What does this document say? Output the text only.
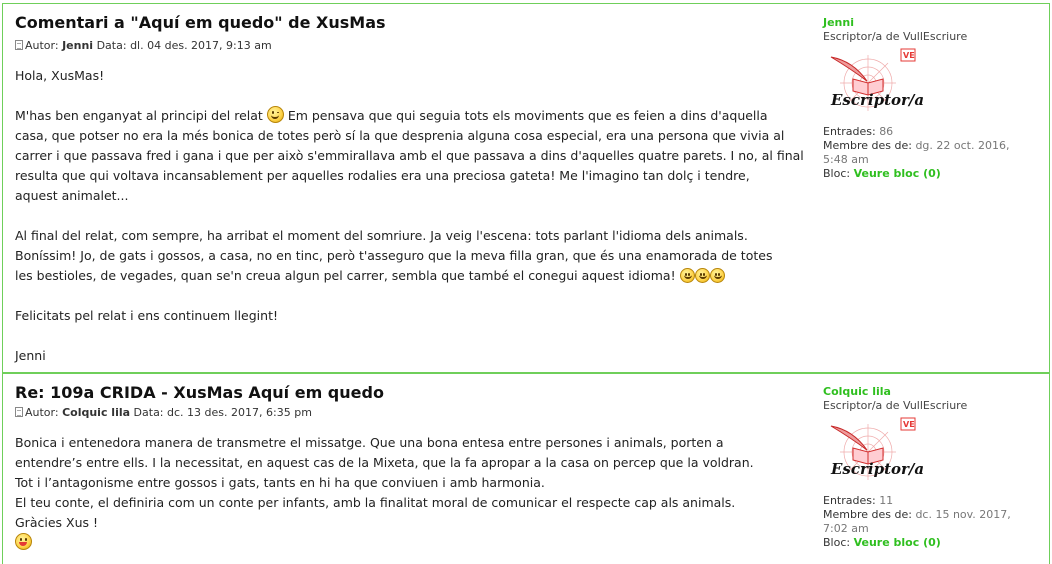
Comentari a "Aquí em quedo" de XusMas
Autor: Jenni Data: dl. 04 des. 2017, 9:13 am

Hola, XusMas!

M'has ben enganyat al principi del relat Em pensava que qui seguia tots els moviments que es feien a dins d'aquella

casa, que potser no era la més bonica de totes però sí la que desprenia alguna cosa especial, era una persona que vivia al

carrer i que passava fred i gana i que per això s'emmirallava amb el que passava a dins d'aquelles quatre parets. I no, al final

resulta que qui voltava incansablement per aquelles rodalies era una preciosa gateta! Me l'imagino tan dolç i tendre,

aquest animalet...

Al final del relat, com sempre, ha arribat el moment del somriure. Ja veig l'escena: tots parlant l'idioma dels animals.

Boníssim! Jo, de gats i gossos, a casa, no en tinc, però t'asseguro que la meva filla gran, que és una enamorada de totes

les bestioles, de vegades, quan se'n creua algun pel carrer, sembla que també el conegui aquest idioma!

Felicitats pel relat i ens continuem llegint!

Jenni

Jenni
Escriptor/a de VullEscriure
VE
Escriptor/a
Entrades: 86
Membre des de: dg. 22 oct. 2016,
5:48 am
Bloc: Veure bloc (0)
Re: 109a CRIDA - XusMas Aquí em quedo
Autor: Colquic lila Data: dc. 13 des. 2017, 6:35 pm

Bonica i entenedora manera de transmetre el missatge. Que una bona entesa entre persones i animals, porten a

entendre’s entre ells. I la necessitat, en aquest cas de la Mixeta, que la fa apropar a la casa on percep que la voldran.

Tot i l’antagonisme entre gossos i gats, tants en hi ha que conviuen i amb harmonia.

El teu conte, el definiria com un conte per infants, amb la finalitat moral de comunicar el respecte cap als animals.

Gràcies Xus !

Colquic lila
Escriptor/a de VullEscriure
VE
Escriptor/a
Entrades: 11
Membre des de: dc. 15 nov. 2017,
7:02 am
Bloc: Veure bloc (0)
